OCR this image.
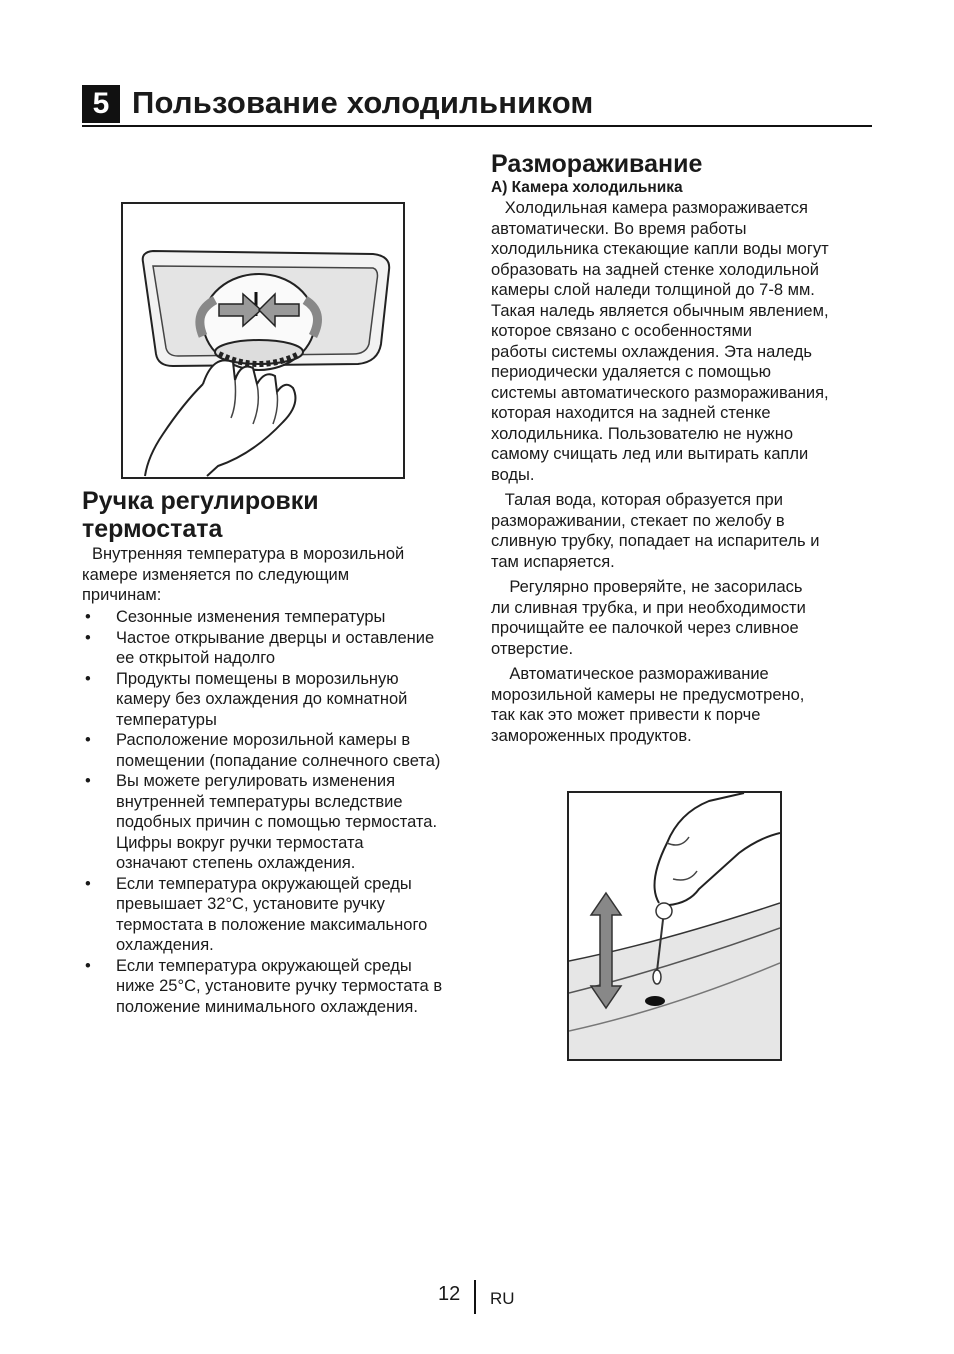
5 Пользование холодильником
Ручка регулировки
термостата
Внутренняя температура в морозильной
камере изменяется по следующим
причинам:
• Сезонные изменения температуры
• Частое открывание дверцы и оставление
ее открытой надолго
• Продукты помещены в морозильную
камеру без охлаждения до комнатной
температуры
• Расположение морозильной камеры в
помещении (попадание солнечного света)
• Вы можете регулировать изменения
внутренней температуры вследствие
подобных причин с помощью термостата.
Цифры вокруг ручки термостата
означают степень охлаждения.
• Если температура окружающей среды
превышает 32°C, установите ручку
термостата в положение максимального
охлаждения.
• Если температура окружающей среды
ниже 25°C, установите ручку термостата в
положение минимального охлаждения.
Размораживание
A) Камера холодильника

Холодильная камера размораживается
автоматически. Во время работы
холодильника стекающие капли воды могут
образовать на задней стенке холодильной
камеры слой наледи толщиной до 7-8 мм.
Такая наледь является обычным явлением,
которое связано с особенностями
работы системы охлаждения. Эта наледь
периодически удаляется с помощью
системы автоматического размораживания,
которая находится на задней стенке
холодильника. Пользователю не нужно
самому счищать лед или вытирать капли
воды.

Талая вода, которая образуется при
размораживании, стекает по желобу в
сливную трубку, попадает на испаритель и
там испаряется.

Регулярно проверяйте, не засорилась
ли сливная трубка, и при необходимости
прочищайте ее палочкой через сливное
отверстие.

Автоматическое размораживание
морозильной камеры не предусмотрено,
так как это может привести к порче
замороженных продуктов.

12 RU
